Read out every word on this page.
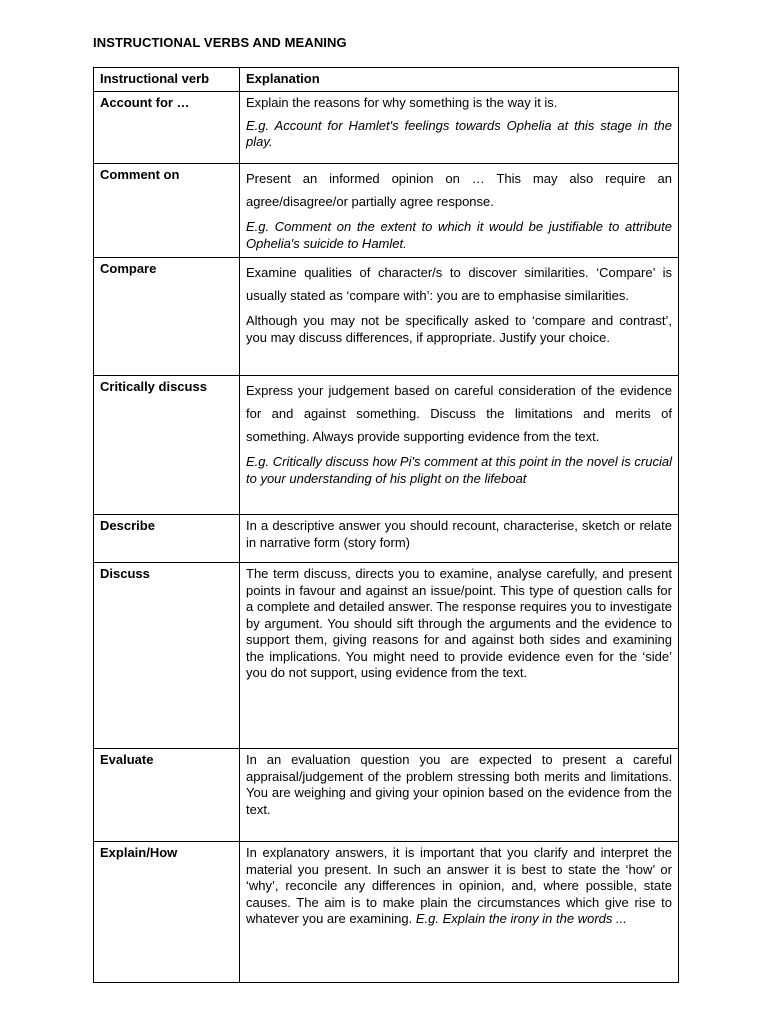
INSTRUCTIONAL VERBS AND MEANING
Instructional verb	Explanation
Account for …	Explain the reasons for why something is the way it is.

E.g. Account for Hamlet's feelings towards Ophelia at this stage in the play.

Comment on	Present an informed opinion on … This may also require an agree/disagree/or partially agree response.

E.g. Comment on the extent to which it would be justifiable to attribute Ophelia's suicide to Hamlet.

Compare	Examine qualities of character/s to discover similarities. ‘Compare’ is usually stated as ‘compare with’: you are to emphasise similarities.

Although you may not be specifically asked to ‘compare and contrast’, you may discuss differences, if appropriate. Justify your choice.

Critically discuss	Express your judgement based on careful consideration of the evidence for and against something. Discuss the limitations and merits of something. Always provide supporting evidence from the text.

E.g. Critically discuss how Pi's comment at this point in the novel is crucial to your understanding of his plight on the lifeboat

Describe	In a descriptive answer you should recount, characterise, sketch or relate in narrative form (story form)

Discuss	The term discuss, directs you to examine, analyse carefully, and present points in favour and against an issue/point. This type of question calls for a complete and detailed answer. The response requires you to investigate by argument. You should sift through the arguments and the evidence to support them, giving reasons for and against both sides and examining the implications. You might need to provide evidence even for the ‘side’ you do not support, using evidence from the text.

Evaluate	In an evaluation question you are expected to present a careful appraisal/judgement of the problem stressing both merits and limitations. You are weighing and giving your opinion based on the evidence from the text.

Explain/How	In explanatory answers, it is important that you clarify and interpret the material you present. In such an answer it is best to state the ‘how’ or ‘why’, reconcile any differences in opinion, and, where possible, state causes. The aim is to make plain the circumstances which give rise to whatever you are examining. E.g. Explain the irony in the words ...
